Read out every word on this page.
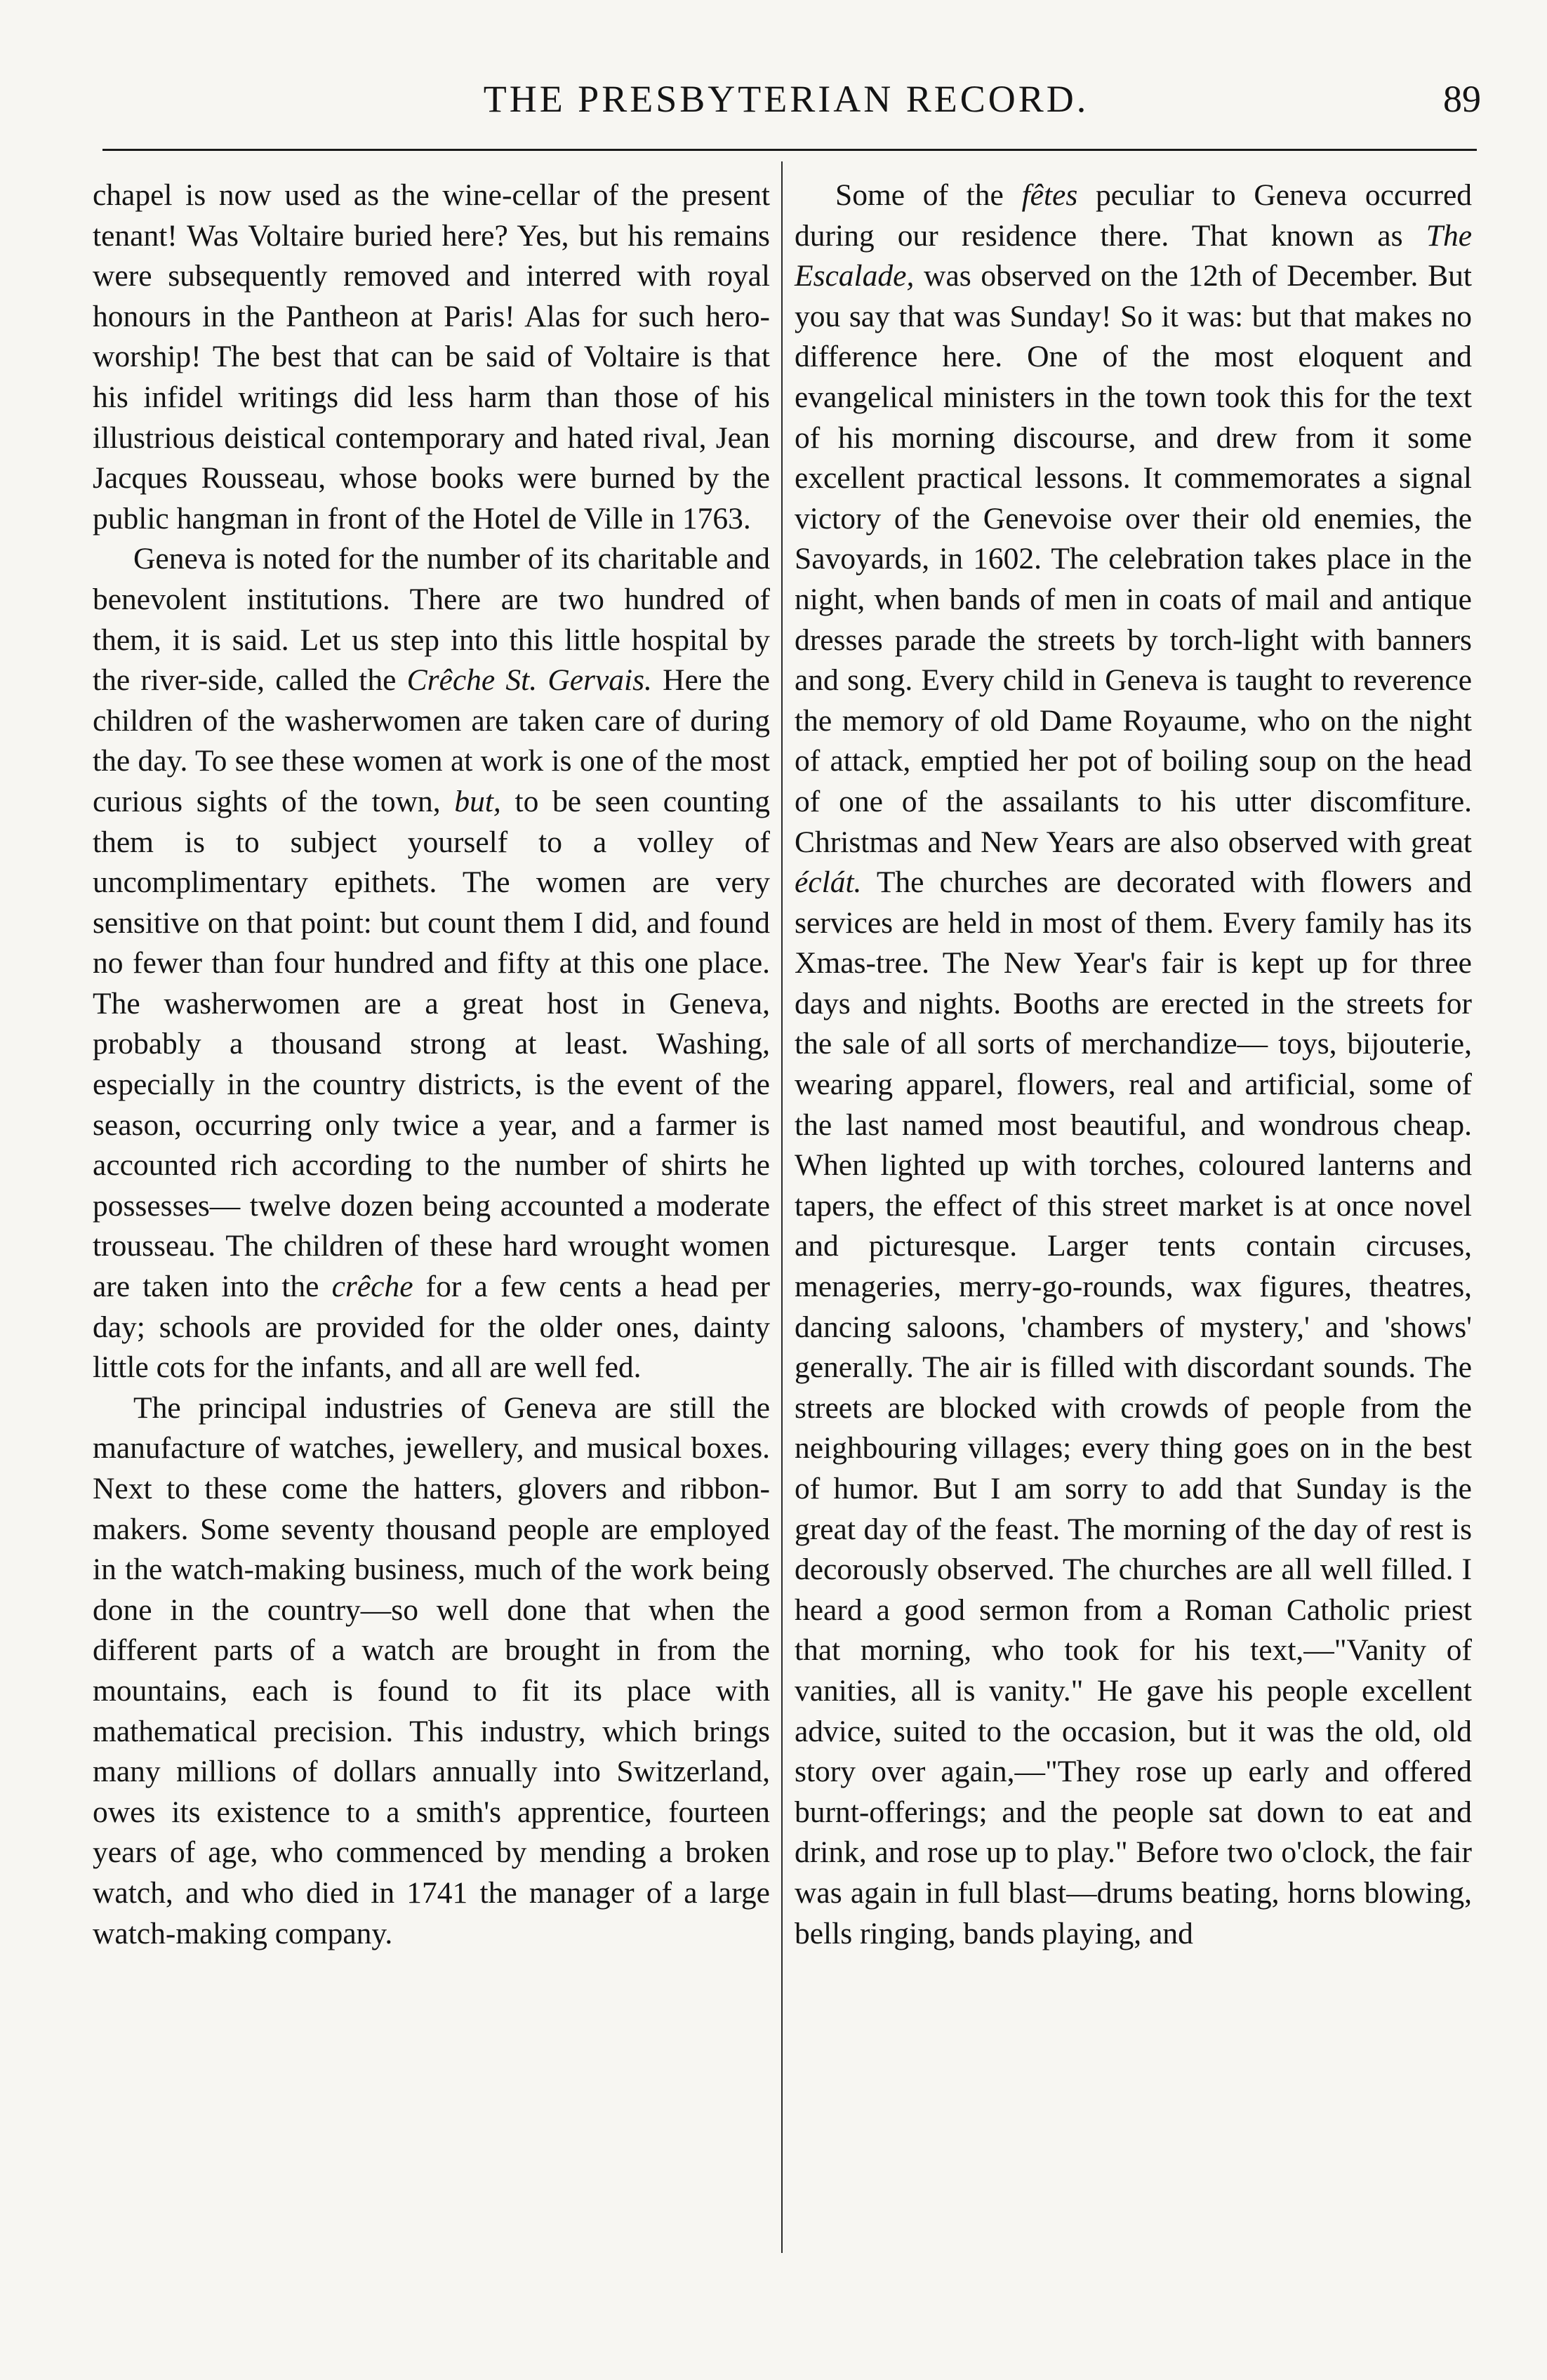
THE PRESBYTERIAN RECORD.	89

chapel is now used as the wine-cellar of the present tenant! Was Voltaire buried here? Yes, but his remains were subsequently removed and interred with royal honours in the Pantheon at Paris! Alas for such hero-worship! The best that can be said of Voltaire is that his infidel writings did less harm than those of his illustrious deistical contemporary and hated rival, Jean Jacques Rousseau, whose books were burned by the public hangman in front of the Hotel de Ville in 1763.

Geneva is noted for the number of its charitable and benevolent institutions. There are two hundred of them, it is said. Let us step into this little hospital by the river-side, called the Crêche St. Gervais. Here the children of the washerwomen are taken care of during the day. To see these women at work is one of the most curious sights of the town, but, to be seen counting them is to subject yourself to a volley of uncomplimentary epithets. The women are very sensitive on that point: but count them I did, and found no fewer than four hundred and fifty at this one place. The washerwomen are a great host in Geneva, probably a thousand strong at least. Washing, especially in the country districts, is the event of the season, occurring only twice a year, and a farmer is accounted rich according to the number of shirts he possesses— twelve dozen being accounted a moderate trousseau. The children of these hard wrought women are taken into the crêche for a few cents a head per day; schools are provided for the older ones, dainty little cots for the infants, and all are well fed.

The principal industries of Geneva are still the manufacture of watches, jewellery, and musical boxes. Next to these come the hatters, glovers and ribbon-makers. Some seventy thousand people are employed in the watch-making business, much of the work being done in the country—so well done that when the different parts of a watch are brought in from the mountains, each is found to fit its place with mathematical precision. This industry, which brings many millions of dollars annually into Switzerland, owes its existence to a smith's apprentice, fourteen years of age, who commenced by mending a broken watch, and who died in 1741 the manager of a large watch-making company.

Some of the fêtes peculiar to Geneva occurred during our residence there. That known as The Escalade, was observed on the 12th of December. But you say that was Sunday! So it was: but that makes no difference here. One of the most eloquent and evangelical ministers in the town took this for the text of his morning discourse, and drew from it some excellent practical lessons. It commemorates a signal victory of the Genevoise over their old enemies, the Savoyards, in 1602. The celebration takes place in the night, when bands of men in coats of mail and antique dresses parade the streets by torch-light with banners and song. Every child in Geneva is taught to reverence the memory of old Dame Royaume, who on the night of attack, emptied her pot of boiling soup on the head of one of the assailants to his utter discomfiture. Christmas and New Years are also observed with great éclát. The churches are decorated with flowers and services are held in most of them. Every family has its Xmas-tree. The New Year's fair is kept up for three days and nights. Booths are erected in the streets for the sale of all sorts of merchandize— toys, bijouterie, wearing apparel, flowers, real and artificial, some of the last named most beautiful, and wondrous cheap. When lighted up with torches, coloured lanterns and tapers, the effect of this street market is at once novel and picturesque. Larger tents contain circuses, menageries, merry-go-rounds, wax figures, theatres, dancing saloons, 'chambers of mystery,' and 'shows' generally. The air is filled with discordant sounds. The streets are blocked with crowds of people from the neighbouring villages; every thing goes on in the best of humor. But I am sorry to add that Sunday is the great day of the feast. The morning of the day of rest is decorously observed. The churches are all well filled. I heard a good sermon from a Roman Catholic priest that morning, who took for his text,—"Vanity of vanities, all is vanity." He gave his people excellent advice, suited to the occasion, but it was the old, old story over again,—"They rose up early and offered burnt-offerings; and the people sat down to eat and drink, and rose up to play." Before two o'clock, the fair was again in full blast—drums beating, horns blowing, bells ringing, bands playing, and
